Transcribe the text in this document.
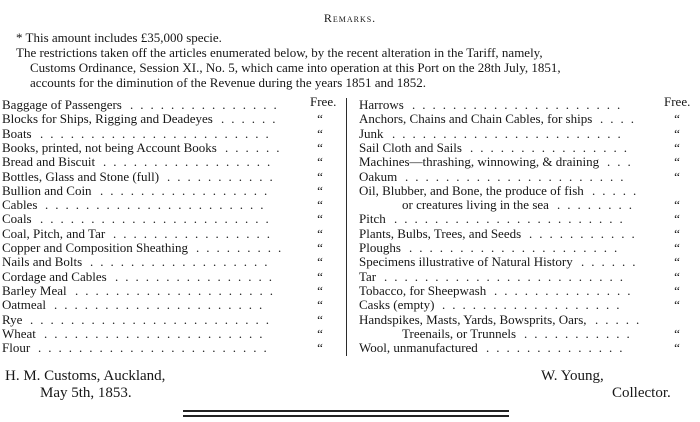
Remarks.
* This amount includes £35,000 specie.
The restrictions taken off the articles enumerated below, by the recent alteration in the Tariff, namely,
Customs Ordinance, Session XI., No. 5, which came into operation at this Port on the 28th July, 1851,
accounts for the diminution of the Revenue during the years 1851 and 1852.
Free.	Free.
Baggage of Passengers ...............
Blocks for Ships, Rigging and Deadeyes ......	“
Boats .......................	“
Books, printed, not being Account Books ......	“
Bread and Biscuit .................	“
Bottles, Glass and Stone (full) ...........	“
Bullion and Coin .................	“
Cables ......................	“
Coals .......................	“
Coal, Pitch, and Tar ................	“
Copper and Composition Sheathing .........	“
Nails and Bolts ..................	“
Cordage and Cables ................	“
Barley Meal ....................	“
Oatmeal .....................	“
Rye ........................	“
Wheat ......................	“
Flour .......................	“
Harrows .....................
Anchors, Chains and Chain Cables, for ships ....	“
Junk .......................	“
Sail Cloth and Sails ................	“
Machines—thrashing, winnowing, & draining ...	“
Oakum ......................	“
Oil, Blubber, and Bone, the produce of fish .....
or creatures living in the sea ........	“
Pitch .......................	“
Plants, Bulbs, Trees, and Seeds ...........	“
Ploughs .....................	“
Specimens illustrative of Natural History ......	“
Tar ........................	“
Tobacco, for Sheepwash ..............	“
Casks (empty) ..................	“
Handspikes, Masts, Yards, Bowsprits, Oars, .....
Treenails, or Trunnels ...........	“
Wool, unmanufactured ..............	“
H. M. Customs, Auckland,
May 5th, 1853.
W. Young,
Collector.
